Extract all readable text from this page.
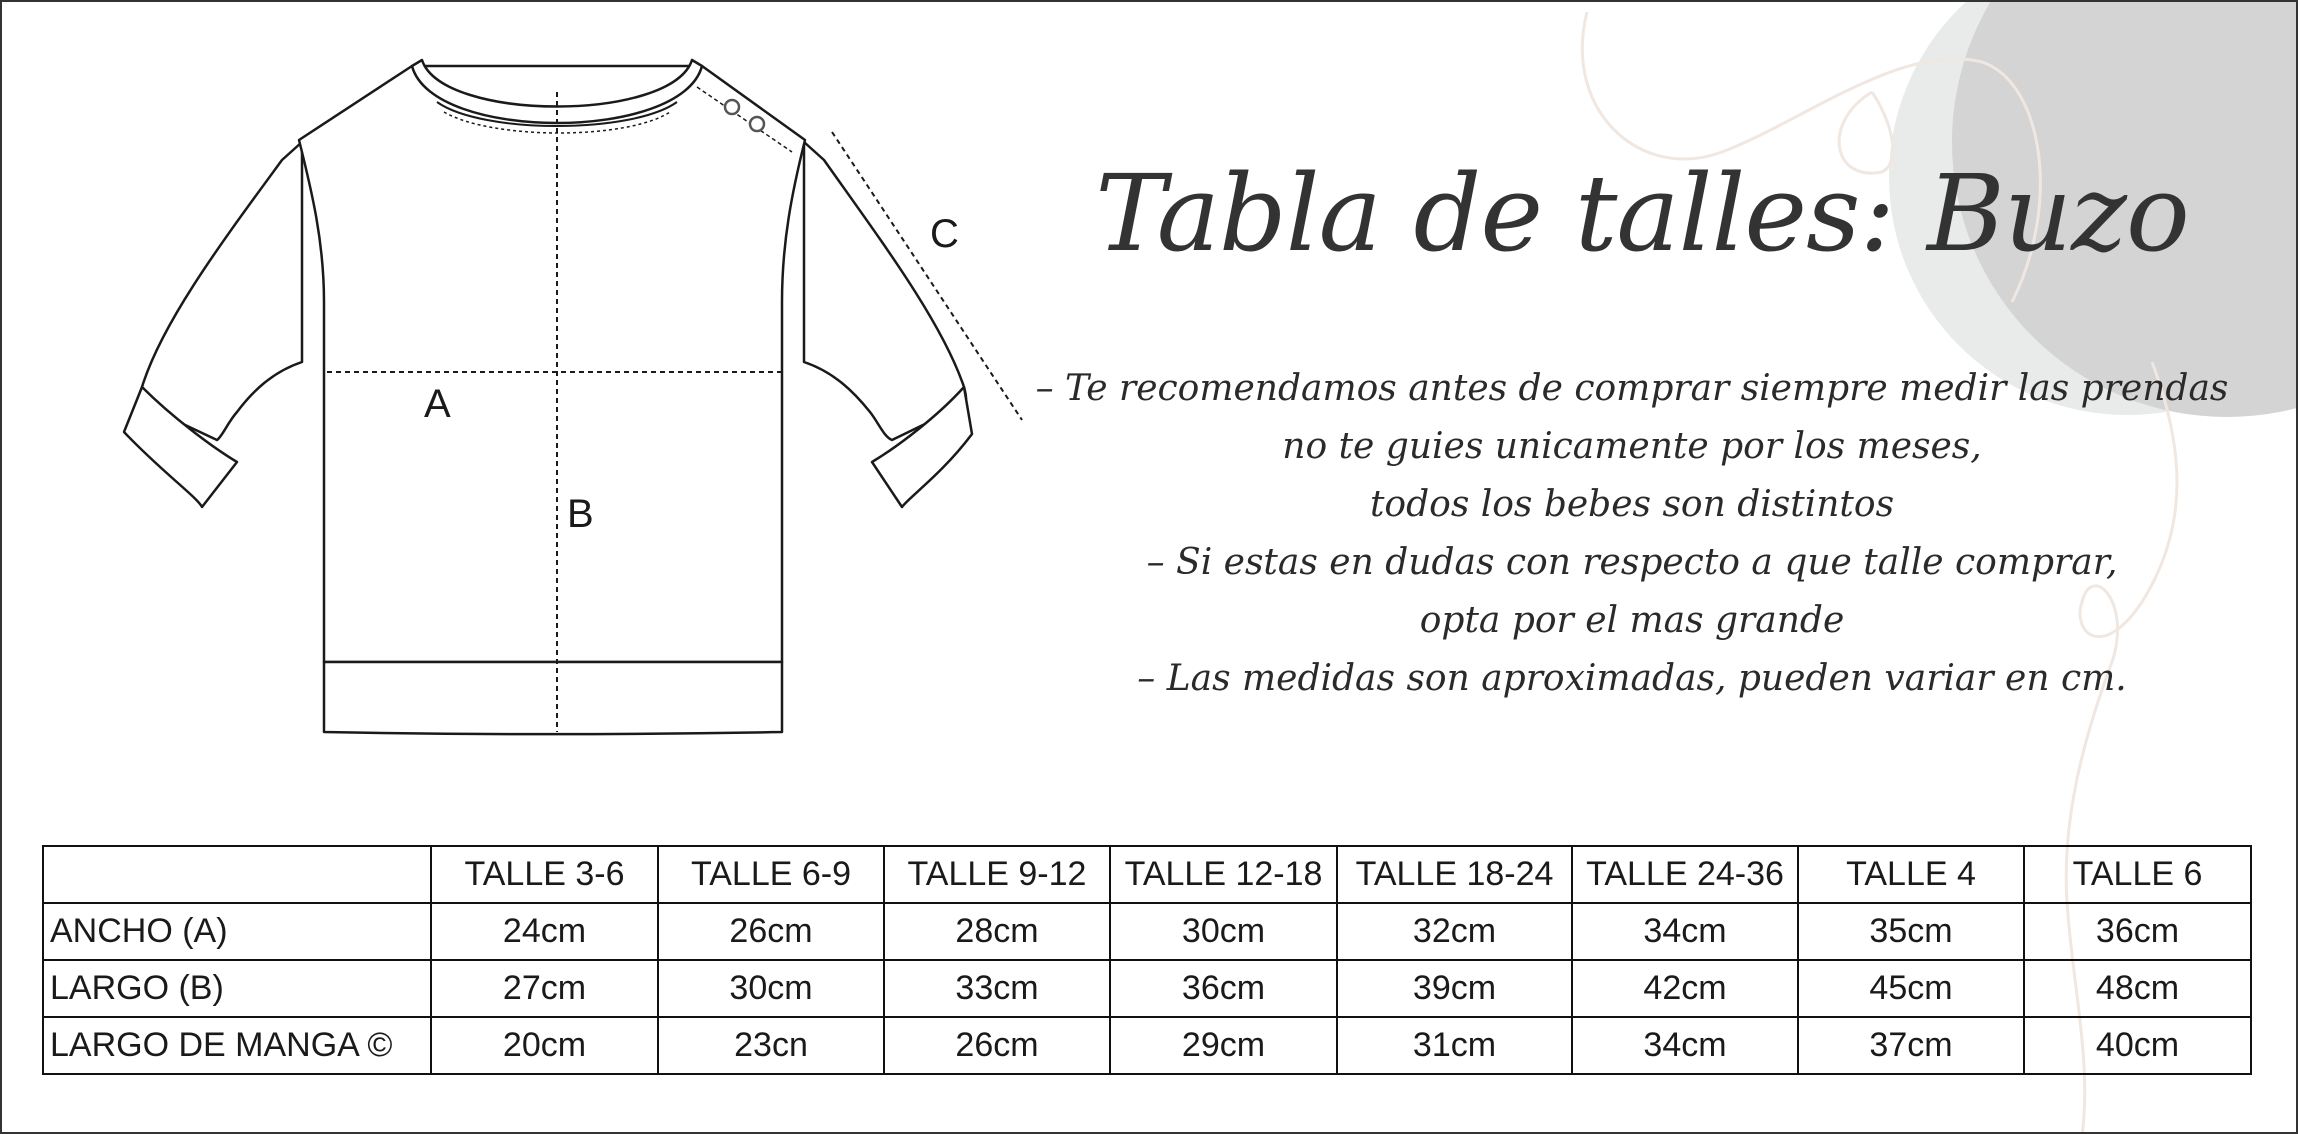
A
B
C Tabla de talles: Buzo
– Te recomendamos antes de comprar siempre medir las prendas
no te guies unicamente por los meses,
todos los bebes son distintos
– Si estas en dudas con respecto a que talle comprar,
opta por el mas grande
– Las medidas son aproximadas, pueden variar en cm.
	TALLE 3-6	TALLE 6-9	TALLE 9-12	TALLE 12-18	TALLE 18-24	TALLE 24-36	TALLE 4	TALLE 6
ANCHO (A)	24cm	26cm	28cm	30cm	32cm	34cm	35cm	36cm
LARGO (B)	27cm	30cm	33cm	36cm	39cm	42cm	45cm	48cm
LARGO DE MANGA ©	20cm	23cn	26cm	29cm	31cm	34cm	37cm	40cm
